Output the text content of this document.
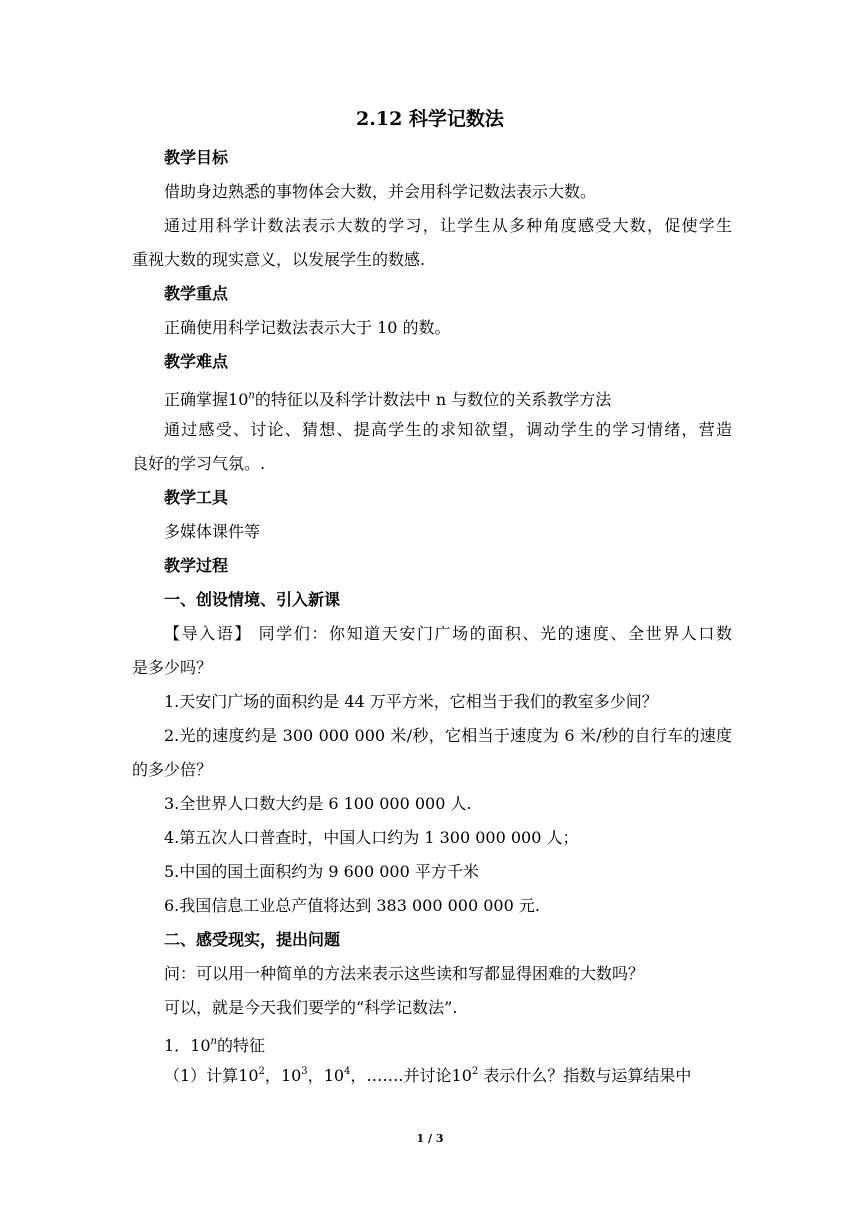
2.12 科学记数法
教学目标
借助身边熟悉的事物体会大数，并会用科学记数法表示大数。
通过用科学计数法表示大数的学习，让学生从多种角度感受大数，促使学生
重视大数的现实意义，以发展学生的数感.
教学重点
正确使用科学记数法表示大于 10 的数。
教学难点
正确掌握10$^n$的特征以及科学计数法中 n 与数位的关系教学方法
通过感受、讨论、猜想、提高学生的求知欲望，调动学生的学习情绪，营造
良好的学习气氛。.
教学工具
多媒体课件等
教学过程
一、创设情境、引入新课
【导入语】 同学们：你知道天安门广场的面积、光的速度、全世界人口数
是多少吗？
1.天安门广场的面积约是 44 万平方米，它相当于我们的教室多少间？
2.光的速度约是 300 000 000 米/秒，它相当于速度为 6 米/秒的自行车的速度
的多少倍？
3.全世界人口数大约是 6 100 000 000 人.
4.第五次人口普查时，中国人口约为 1 300 000 000 人；
5.中国的国土面积约为 9 600 000 平方千米
6.我国信息工业总产值将达到 383 000 000 000 元.
二、感受现实，提出问题
问：可以用一种简单的方法来表示这些读和写都显得困难的大数吗？
可以，就是今天我们要学的“科学记数法”.
1．10$^n$的特征
（1）计算$10^2$，$10^3$，$10^4$，…….并讨论$10^2$ 表示什么？指数与运算结果中
1 / 3
